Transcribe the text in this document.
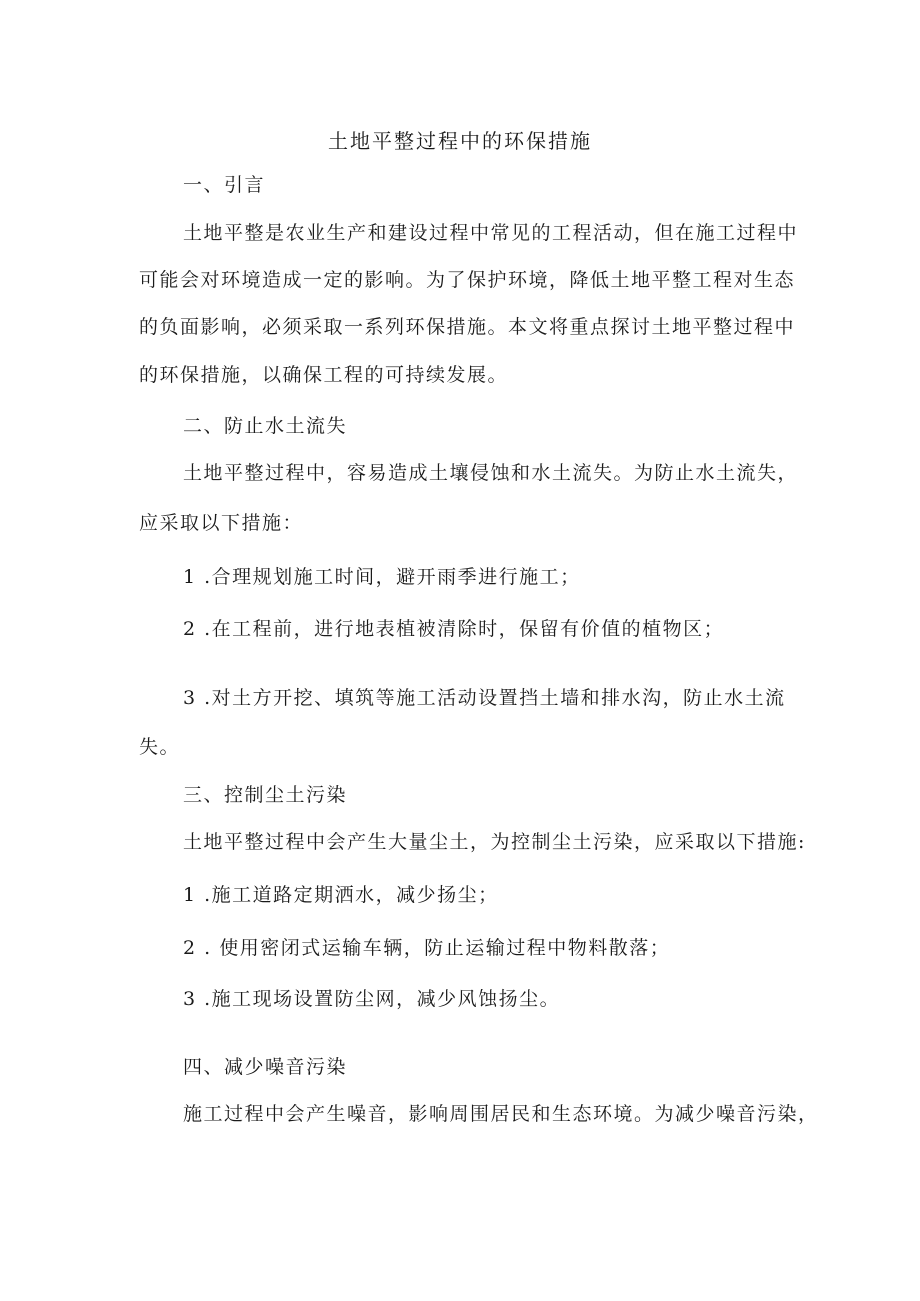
土地平整过程中的环保措施

一、引言

土地平整是农业生产和建设过程中常见的工程活动，但在施工过程中

可能会对环境造成一定的影响。为了保护环境，降低土地平整工程对生态

的负面影响，必须采取一系列环保措施。本文将重点探讨土地平整过程中

的环保措施，以确保工程的可持续发展。

二、防止水土流失

土地平整过程中，容易造成土壤侵蚀和水土流失。为防止水土流失，

应采取以下措施：

1 .合理规划施工时间，避开雨季进行施工；

2 .在工程前，进行地表植被清除时，保留有价值的植物区；

3 .对土方开挖、填筑等施工活动设置挡土墙和排水沟，防止水土流

失。

三、控制尘土污染

土地平整过程中会产生大量尘土，为控制尘土污染，应采取以下措施:

1 .施工道路定期洒水，减少扬尘；

2 . 使用密闭式运输车辆，防止运输过程中物料散落；

3 .施工现场设置防尘网，减少风蚀扬尘。

四、减少噪音污染

施工过程中会产生噪音，影响周围居民和生态环境。为减少噪音污染，
